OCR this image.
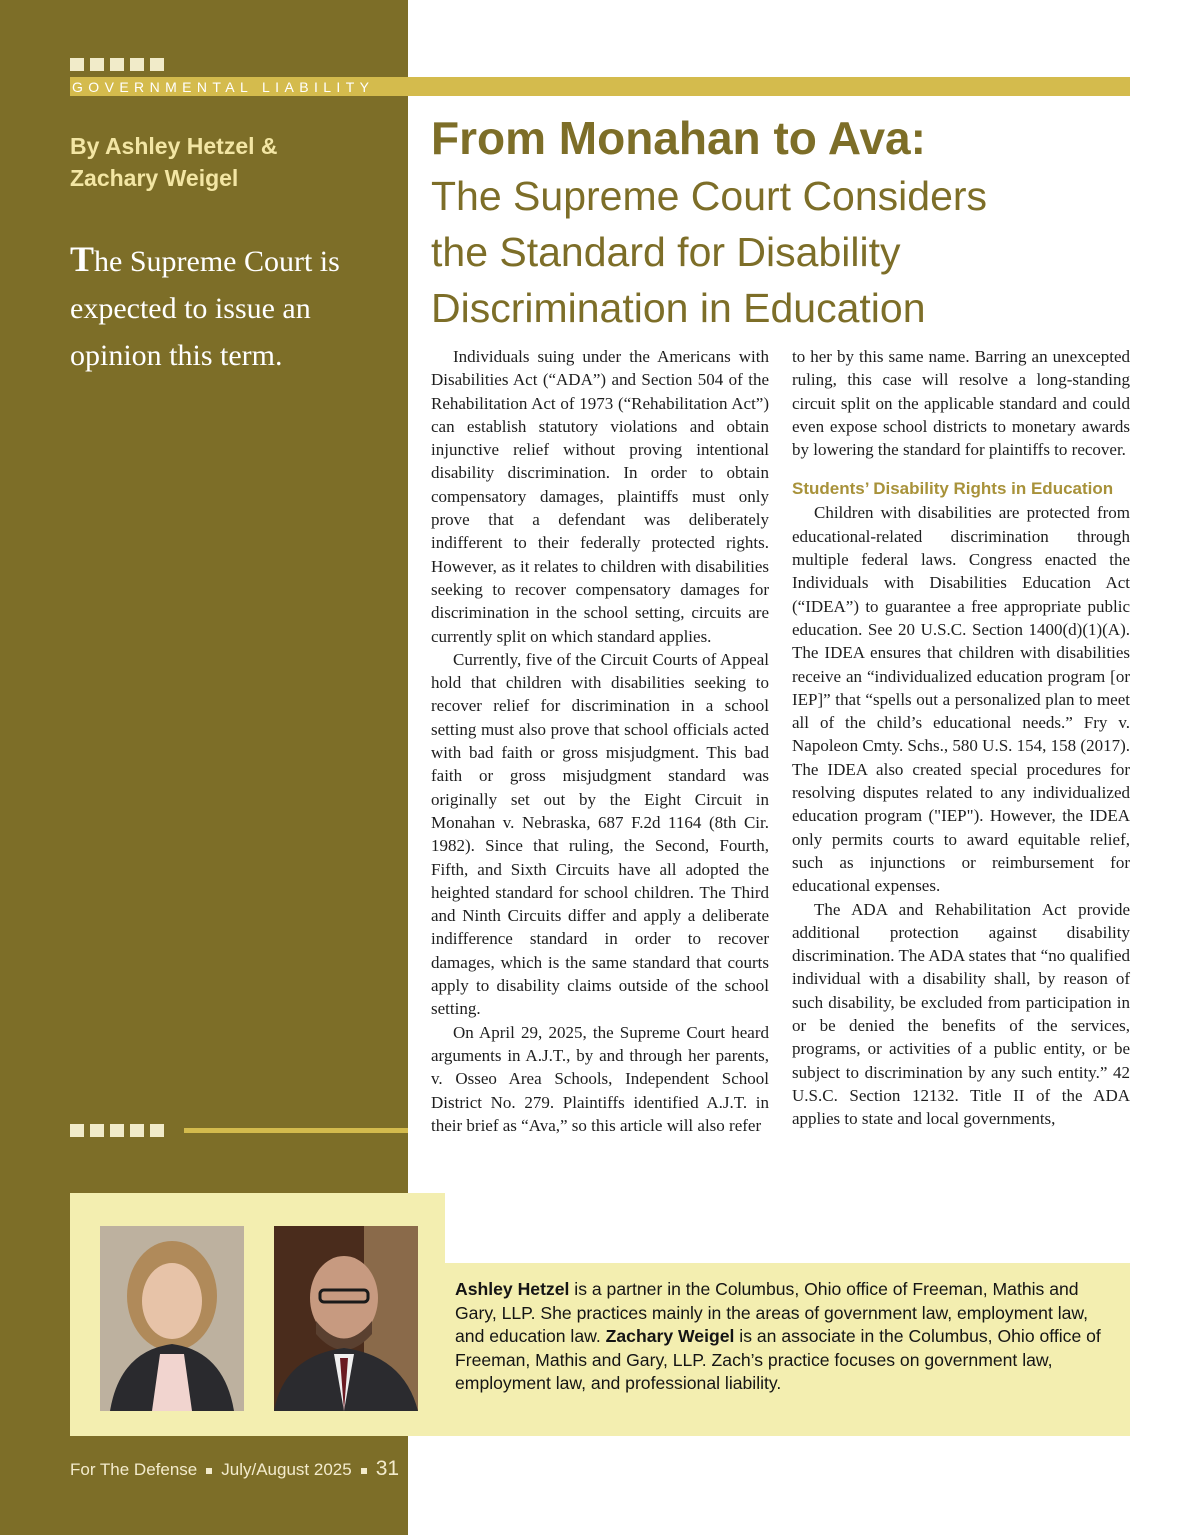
GOVERNMENTAL LIABILITY
By Ashley Hetzel &
Zachary Weigel
The Supreme Court is expected to issue an opinion this term.
From Monahan to Ava:
The Supreme Court Considers
the Standard for Disability
Discrimination in Education

Individuals suing under the Americans with Disabilities Act (“ADA”) and Section 504 of the Rehabilitation Act of 1973 (“Rehabilitation Act”) can establish statutory violations and obtain injunctive relief without proving intentional disability discrimination. In order to obtain compensatory damages, plaintiffs must only prove that a defendant was deliberately indifferent to their federally protected rights. However, as it relates to children with disabilities seeking to recover compensatory damages for discrimination in the school setting, circuits are currently split on which standard applies.

Currently, five of the Circuit Courts of Appeal hold that children with disabilities seeking to recover relief for discrimination in a school setting must also prove that school officials acted with bad faith or gross misjudgment. This bad faith or gross misjudgment standard was originally set out by the Eight Circuit in Monahan v. Nebraska, 687 F.2d 1164 (8th Cir. 1982). Since that ruling, the Second, Fourth, Fifth, and Sixth Circuits have all adopted the heighted standard for school children. The Third and Ninth Circuits differ and apply a deliberate indifference standard in order to recover damages, which is the same standard that courts apply to disability claims outside of the school setting.

On April 29, 2025, the Supreme Court heard arguments in A.J.T., by and through her parents, v. Osseo Area Schools, Independent School District No. 279. Plaintiffs identified A.J.T. in their brief as “Ava,” so this article will also refer

to her by this same name. Barring an unexcepted ruling, this case will resolve a long-standing circuit split on the applicable standard and could even expose school districts to monetary awards by lowering the standard for plaintiffs to recover.

Students’ Disability Rights in Education

Children with disabilities are protected from educational-related discrimination through multiple federal laws. Congress enacted the Individuals with Disabilities Education Act (“IDEA”) to guarantee a free appropriate public education. See 20 U.S.C. Section 1400(d)(1)(A). The IDEA ensures that children with disabilities receive an “individualized education program [or IEP]” that “spells out a personalized plan to meet all of the child’s educational needs.” Fry v. Napoleon Cmty. Schs., 580 U.S. 154, 158 (2017). The IDEA also created special procedures for resolving disputes related to any individualized education program ("IEP"). However, the IDEA only permits courts to award equitable relief, such as injunctions or reimbursement for educational expenses.

The ADA and Rehabilitation Act provide additional protection against disability discrimination. The ADA states that “no qualified individual with a disability shall, by reason of such disability, be excluded from participation in or be denied the benefits of the services, programs, or activities of a public entity, or be subject to discrimination by any such entity.” 42 U.S.C. Section 12132. Title II of the ADA applies to state and local governments,

Ashley Hetzel is a partner in the Columbus, Ohio office of Freeman, Mathis and Gary, LLP. She practices mainly in the areas of government law, employment law, and education law. Zachary Weigel is an associate in the Columbus, Ohio office of Freeman, Mathis and Gary, LLP. Zach’s practice focuses on government law, employment law, and professional liability.
For The Defense July/August 2025 31
